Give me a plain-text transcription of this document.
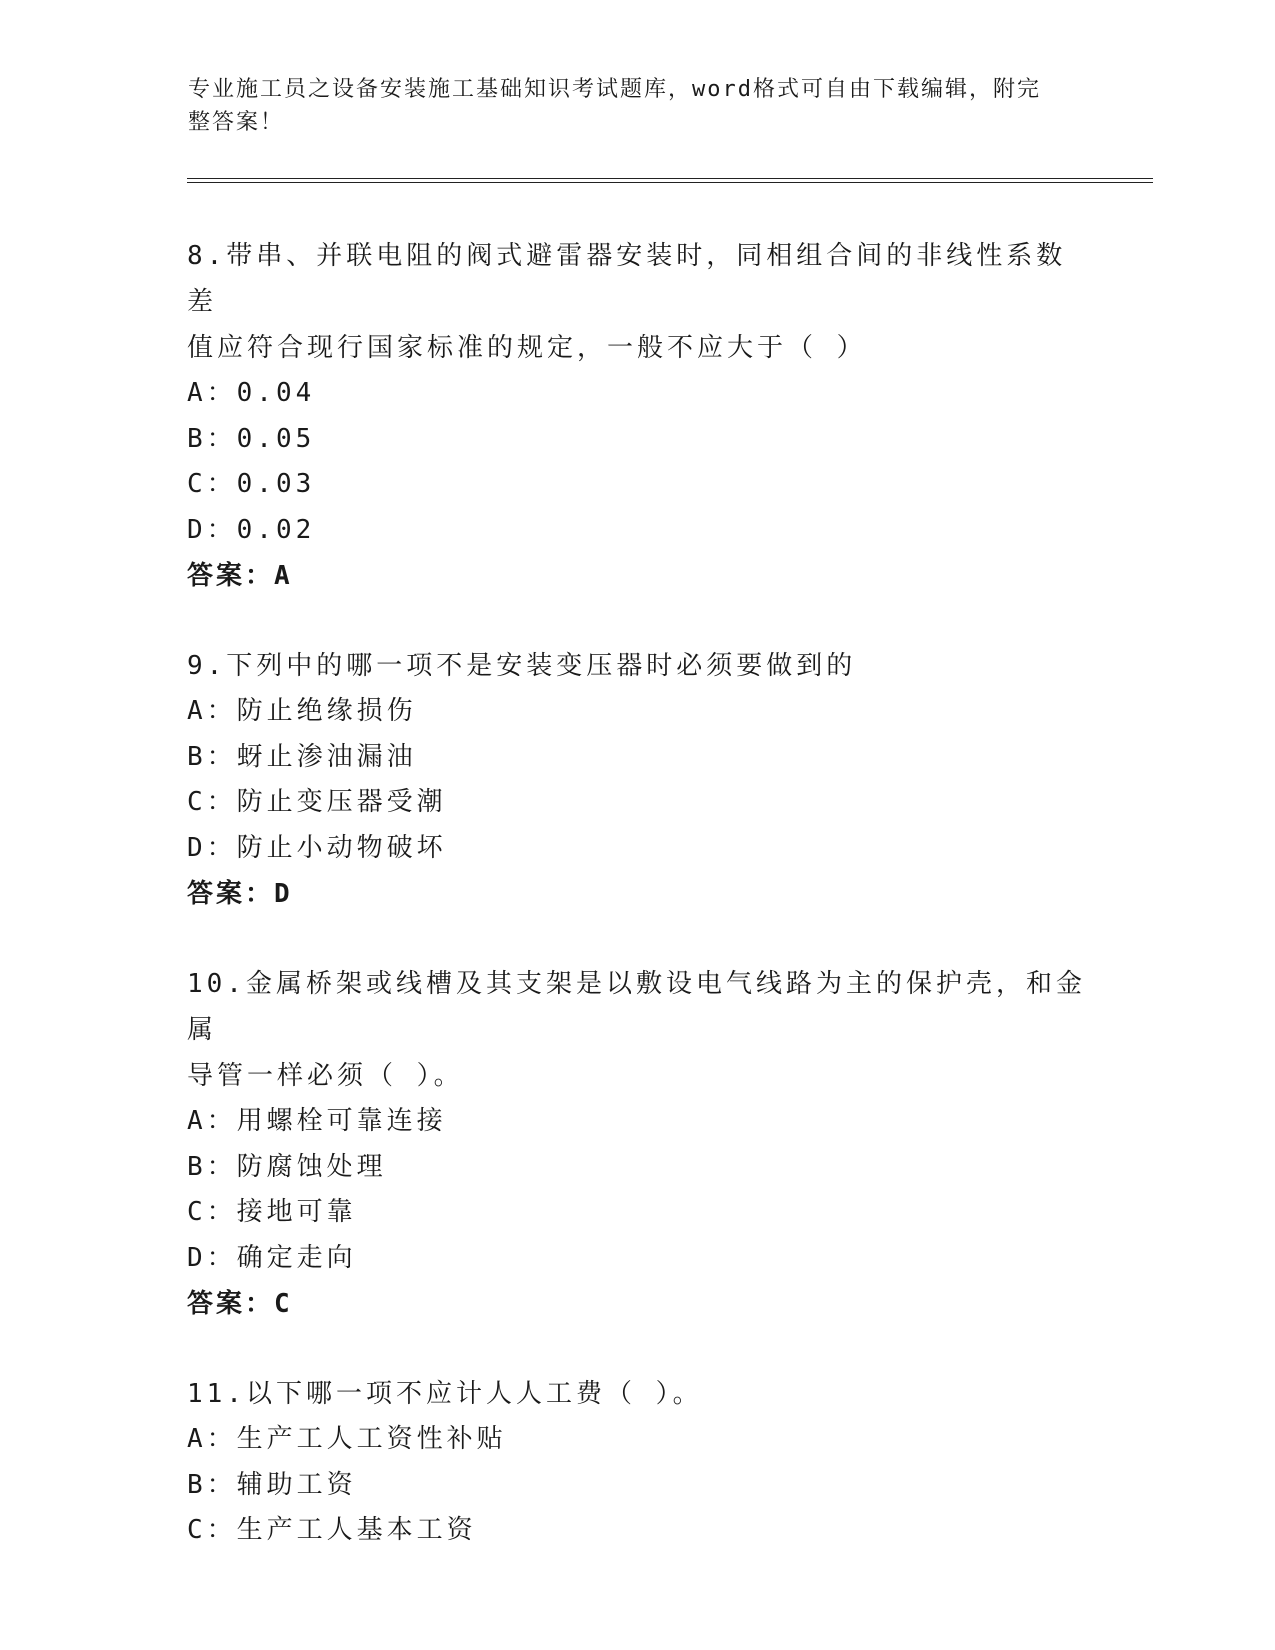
专业施工员之设备安装施工基础知识考试题库，word格式可自由下载编辑，附完
整答案！

8.带串、并联电阻的阀式避雷器安装时，同相组合间的非线性系数差

值应符合现行国家标准的规定，一般不应大于（ ）

A：0.04

B：0.05

C：0.03

D：0.02

答案：A

9.下列中的哪一项不是安装变压器时必须要做到的

A：防止绝缘损伤

B：蚜止渗油漏油

C：防止变压器受潮

D：防止小动物破坏

答案：D

10.金属桥架或线槽及其支架是以敷设电气线路为主的保护壳，和金属

导管一样必须（ ）。

A：用螺栓可靠连接

B：防腐蚀处理

C：接地可靠

D：确定走向

答案：C

11.以下哪一项不应计人人工费（ ）。

A：生产工人工资性补贴

B：辅助工资

C：生产工人基本工资
